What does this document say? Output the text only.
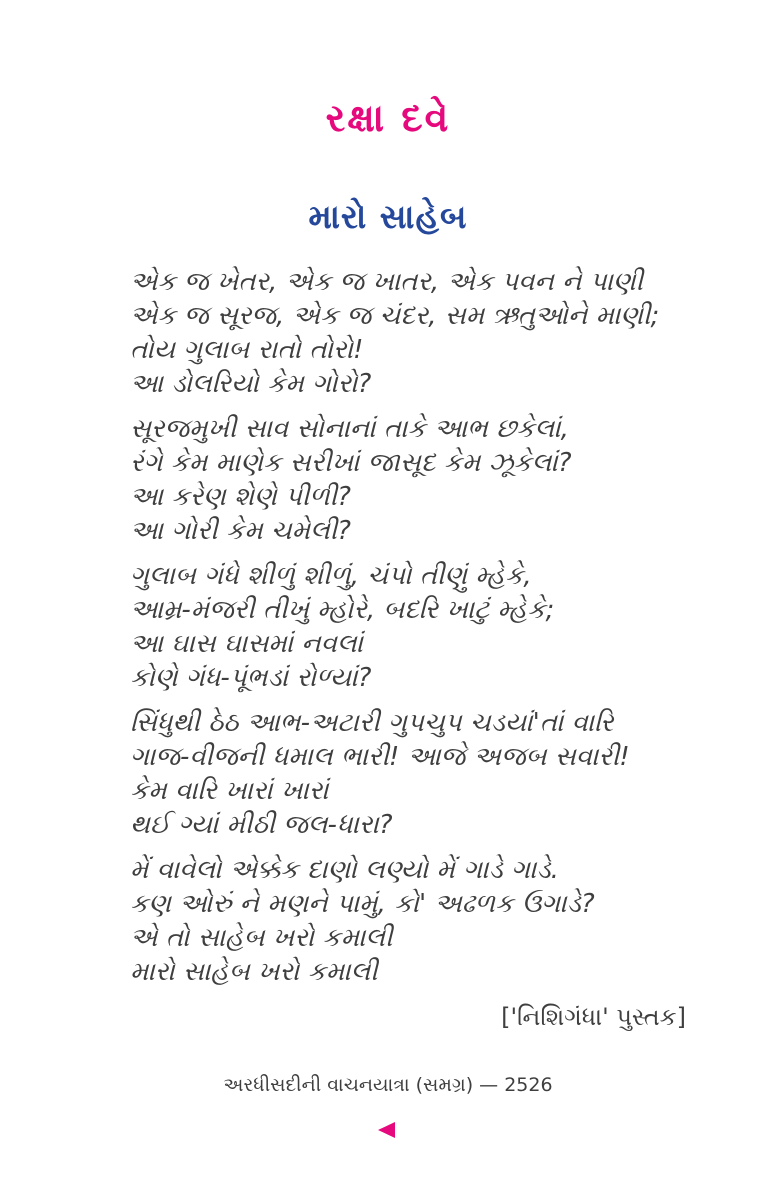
રક્ષા દવે
મારો સાહેબ
એક જ ખેતર, એક જ ખાતર, એક પવન ને પાણી
એક જ સૂરજ, એક જ ચંદર, સમ ઋતુઓને માણી;
તોય ગુલાબ રાતો તોરો!
આ ડોલરિયો કેમ ગોરો?
સૂરજમુખી સાવ સોનાનાં તાકે આભ છકેલાં,
રંગે કેમ માણેક સરીખાં જાસૂદ કેમ ઝૂકેલાં?
આ કરેણ શેણે પીળી?
આ ગોરી કેમ ચમેલી?
ગુલાબ ગંધે શીળું શીળું, ચંપો તીણું મ્હેકે,
આમ્ર-મંજરી તીખું મ્હોરે, બદરિ ખાટું મ્હેકે;
આ ઘાસ ઘાસમાં નવલાં
કોણે ગંધ-પૂંભડાં રોળ્યાં?
સિંધુથી ઠેઠ આભ-અટારી ગુપચુપ ચડયાં'તાં વારિ
ગાજ-વીજની ધમાલ ભારી! આજે અજબ સવારી!
કેમ વારિ ખારાં ખારાં
થઈ ગ્યાં મીઠી જલ-ધારા?
મેં વાવેલો એક્કેક દાણો લણ્યો મેં ગાડે ગાડે.
કણ ઓરું ને મણને પામું, કો' અઢળક ઉગાડે?
એ તો સાહેબ ખરો કમાલી
મારો સાહેબ ખરો કમાલી
['નિશિગંધા' પુસ્તક]
અરધીસદીની વાચનયાત્રા (સમગ્ર) — 2526
